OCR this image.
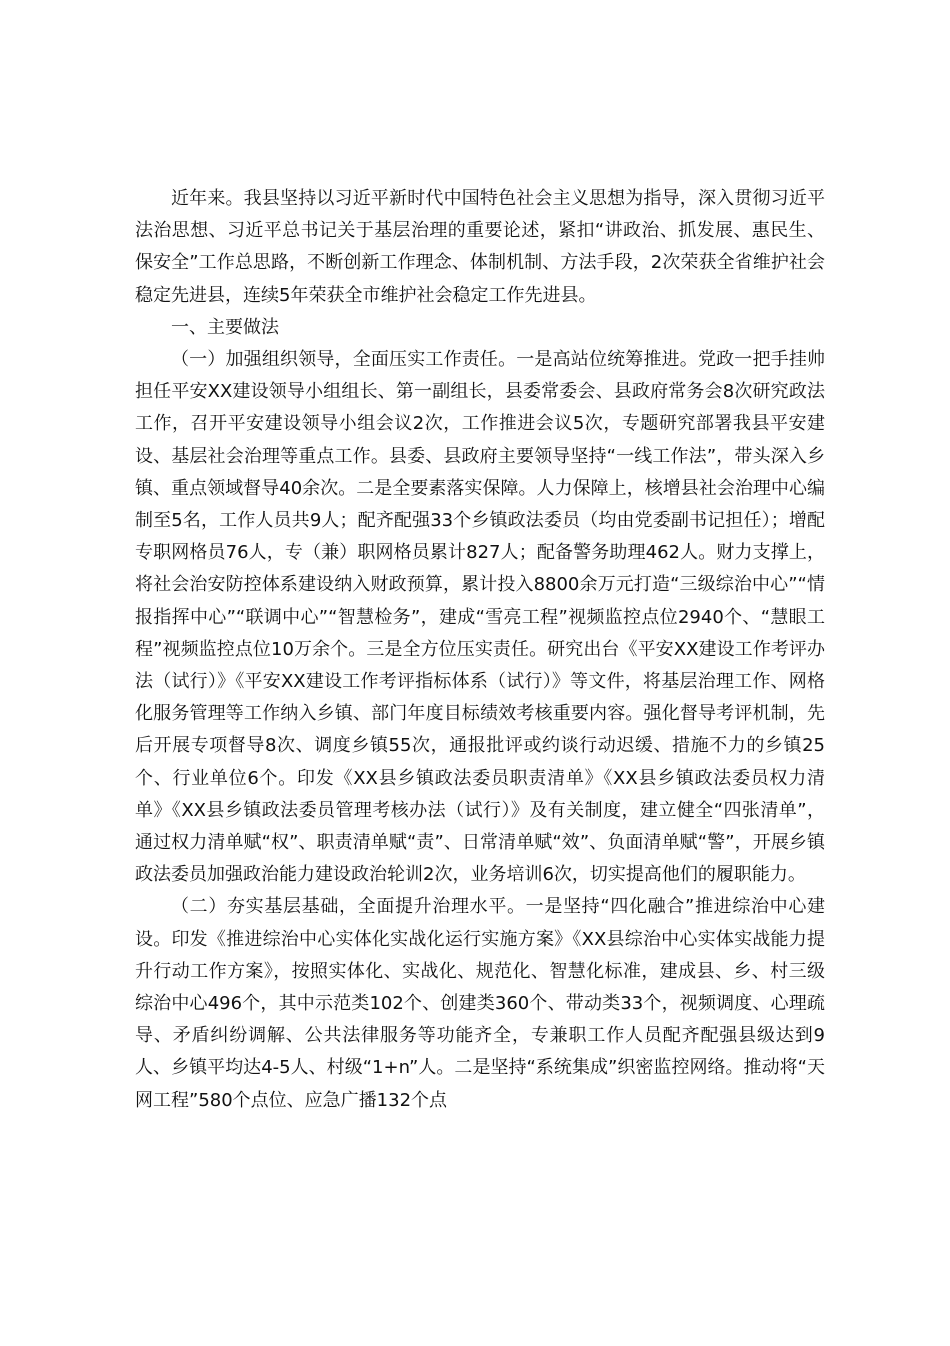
近年来。我县坚持以习近平新时代中国特色社会主义思想为指导，深入贯彻习近平法治思想、习近平总书记关于基层治理的重要论述，紧扣“讲政治、抓发展、惠民生、保安全”工作总思路，不断创新工作理念、体制机制、方法手段，2次荣获全省维护社会稳定先进县，连续5年荣获全市维护社会稳定工作先进县。

一、主要做法

（一）加强组织领导，全面压实工作责任。一是高站位统筹推进。党政一把手挂帅担任平安XX建设领导小组组长、第一副组长，县委常委会、县政府常务会8次研究政法工作，召开平安建设领导小组会议2次，工作推进会议5次，专题研究部署我县平安建设、基层社会治理等重点工作。县委、县政府主要领导坚持“一线工作法”，带头深入乡镇、重点领域督导40余次。二是全要素落实保障。人力保障上，核增县社会治理中心编制至5名，工作人员共9人；配齐配强33个乡镇政法委员（均由党委副书记担任）；增配专职网格员76人，专（兼）职网格员累计827人；配备警务助理462人。财力支撑上，将社会治安防控体系建设纳入财政预算，累计投入8800余万元打造“三级综治中心”“情报指挥中心”“联调中心”“智慧检务”，建成“雪亮工程”视频监控点位2940个、“慧眼工程”视频监控点位10万余个。三是全方位压实责任。研究出台《平安XX建设工作考评办法（试行）》《平安XX建设工作考评指标体系（试行）》等文件，将基层治理工作、网格化服务管理等工作纳入乡镇、部门年度目标绩效考核重要内容。强化督导考评机制，先后开展专项督导8次、调度乡镇55次，通报批评或约谈行动迟缓、措施不力的乡镇25个、行业单位6个。印发《XX县乡镇政法委员职责清单》《XX县乡镇政法委员权力清单》《XX县乡镇政法委员管理考核办法（试行）》及有关制度，建立健全“四张清单”，通过权力清单赋“权”、职责清单赋“责”、日常清单赋“效”、负面清单赋“警”，开展乡镇政法委员加强政治能力建设政治轮训2次，业务培训6次，切实提高他们的履职能力。

（二）夯实基层基础，全面提升治理水平。一是坚持“四化融合”推进综治中心建设。印发《推进综治中心实体化实战化运行实施方案》《XX县综治中心实体实战能力提升行动工作方案》，按照实体化、实战化、规范化、智慧化标准，建成县、乡、村三级综治中心496个，其中示范类102个、创建类360个、带动类33个，视频调度、心理疏导、矛盾纠纷调解、公共法律服务等功能齐全，专兼职工作人员配齐配强县级达到9人、乡镇平均达4-5人、村级“1+n”人。二是坚持“系统集成”织密监控网络。推动将“天网工程”580个点位、应急广播132个点
